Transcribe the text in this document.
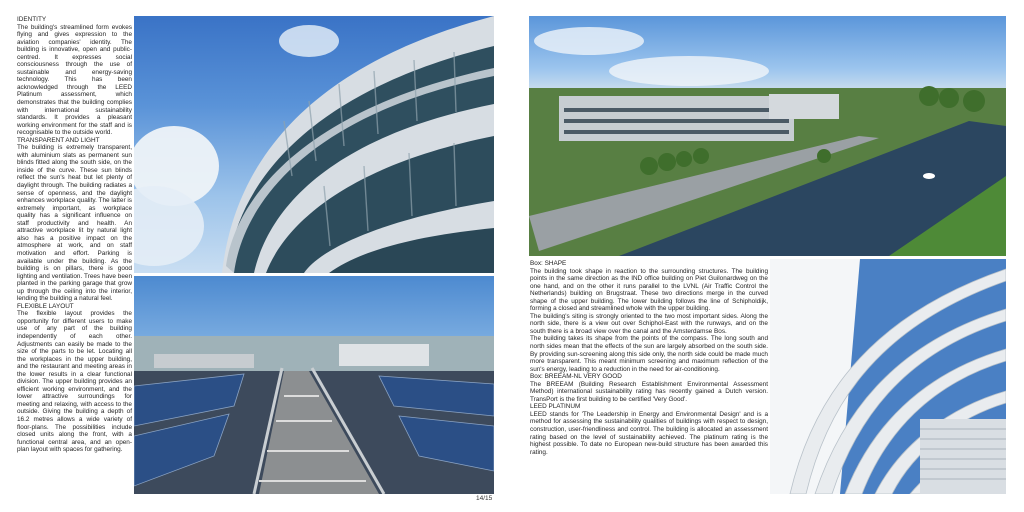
IDENTITY

The building's streamlined form evokes flying and gives expression to the aviation companies' identity. The building is innovative, open and public-centred. It expresses social consciousness through the use of sustainable and energy-saving technology. This has been acknowledged through the LEED Platinum assessment, which demonstrates that the building complies with international sustainability standards. It provides a pleasant working environment for the staff and is recognisable to the outside world.

TRANSPARENT AND LIGHT

The building is extremely transparent, with aluminium slats as permanent sun blinds fitted along the south side, on the inside of the curve. These sun blinds reflect the sun's heat but let plenty of daylight through. The building radiates a sense of openness, and the daylight enhances workplace quality. The latter is extremely important, as workplace quality has a significant influence on staff productivity and health. An attractive workplace lit by natural light also has a positive impact on the atmosphere at work, and on staff motivation and effort. Parking is available under the building. As the building is on pillars, there is good lighting and ventilation. Trees have been planted in the parking garage that grow up through the ceiling into the interior, lending the building a natural feel.

FLEXIBLE LAYOUT

The flexible layout provides the opportunity for different users to make use of any part of the building independently of each other. Adjustments can easily be made to the size of the parts to be let. Locating all the workplaces in the upper building, and the restaurant and meeting areas in the lower results in a clear functional division. The upper building provides an efficient working environment, and the lower attractive surroundings for meeting and relaxing, with access to the outside. Giving the building a depth of 16.2 metres allows a wide variety of floor-plans. The possibilities include closed units along the front, with a functional central area, and an open-plan layout with spaces for gathering.

14/15
Box: SHAPE

The building took shape in reaction to the surrounding structures. The building points in the same direction as the IND office building on Piet Guilonardweg on the one hand, and on the other it runs parallel to the LVNL (Air Traffic Control the Netherlands) building on Brugstraat. These two directions merge in the curved shape of the upper building. The lower building follows the line of Schipholdijk, forming a closed and streamlined whole with the upper building.

The building's siting is strongly oriented to the two most important sides. Along the north side, there is a view out over Schiphol-East with the runways, and on the south there is a broad view over the canal and the Amsterdamse Bos.

The building takes its shape from the points of the compass. The long south and north sides mean that the effects of the sun are largely absorbed on the south side. By providing sun-screening along this side only, the north side could be made much more transparent. This meant minimum screening and maximum reflection of the sun's energy, leading to a reduction in the need for air-conditioning.

Box: BREEAM-NL VERY GOOD

The BREEAM (Building Research Establishment Environmental Assessment Method) international sustainability rating has recently gained a Dutch version. TransPort is the first building to be certified 'Very Good'.

LEED PLATINUM

LEED stands for 'The Leadership in Energy and Environmental Design' and is a method for assessing the sustainability qualities of buildings with respect to design, construction, user-friendliness and control. The building is allocated an assessment rating based on the level of sustainability achieved. The platinum rating is the highest possible. To date no European new-build structure has been awarded this rating.
